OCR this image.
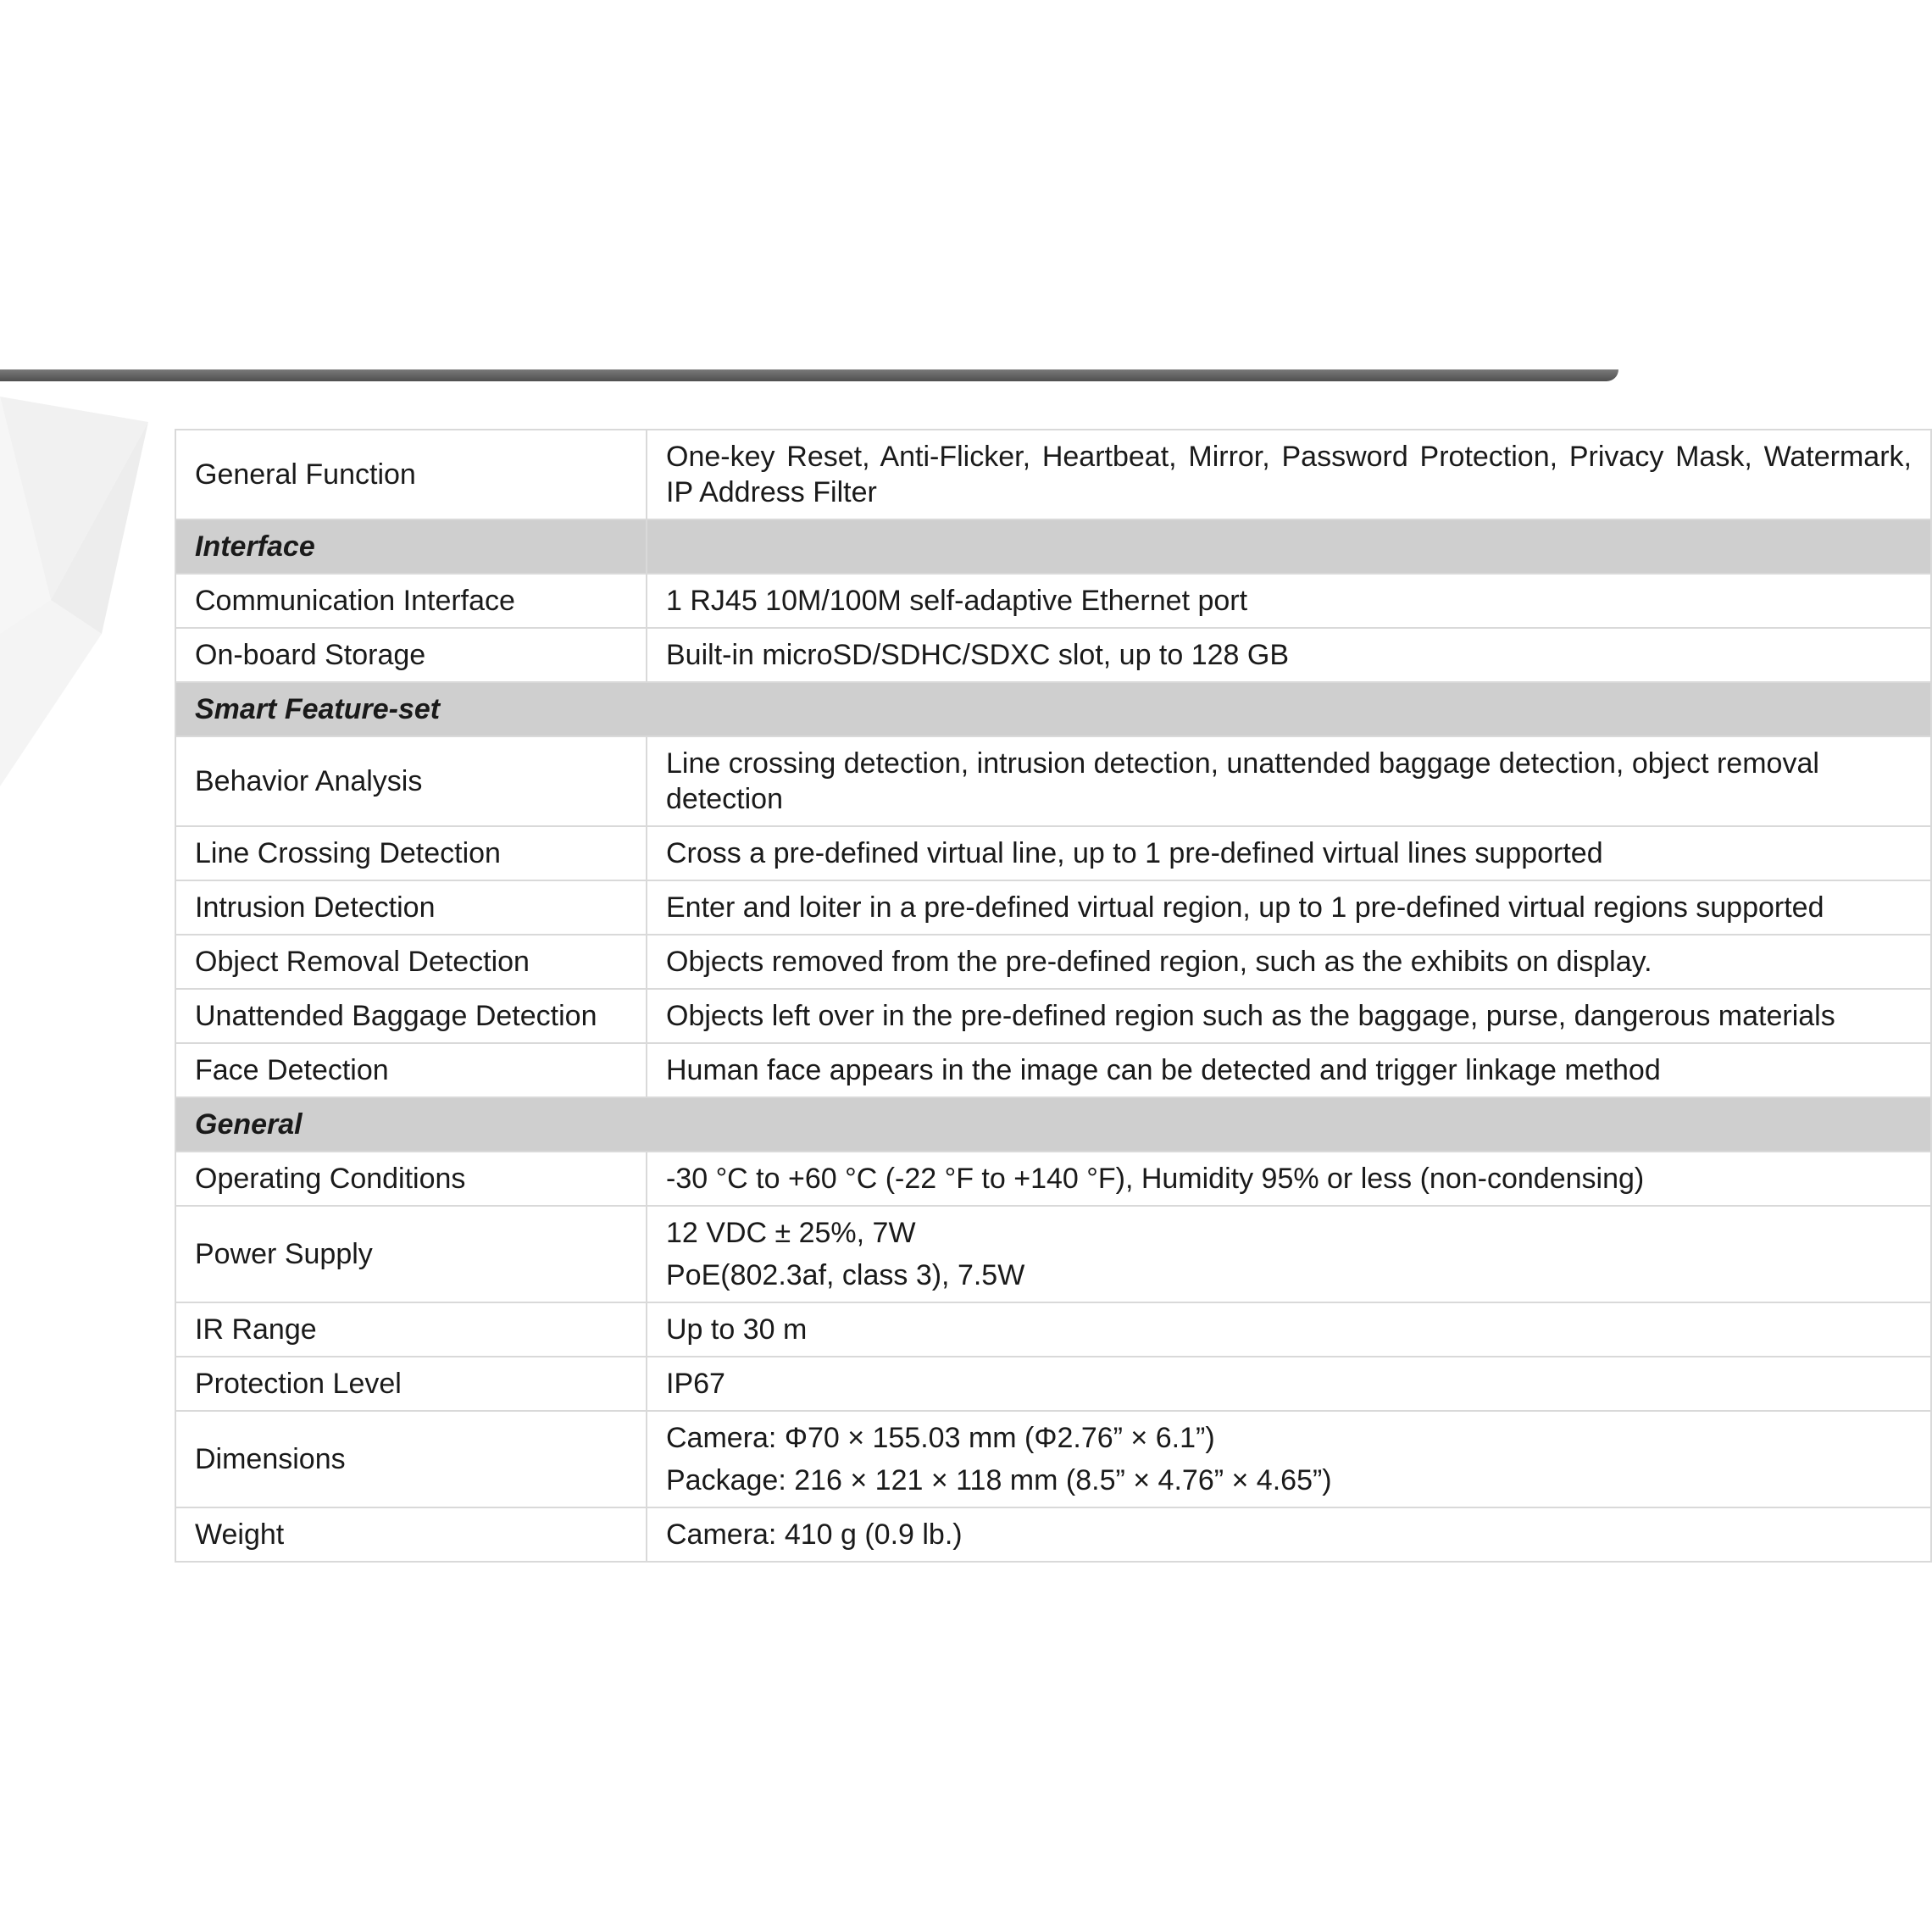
General Function	One-key Reset, Anti-Flicker, Heartbeat, Mirror, Password Protection, Privacy Mask, Watermark, IP Address Filter
Interface	
Communication Interface	1 RJ45 10M/100M self-adaptive Ethernet port
On-board Storage	Built-in microSD/SDHC/SDXC slot, up to 128 GB
Smart Feature-set	
Behavior Analysis	Line crossing detection, intrusion detection, unattended baggage detection, object removal detection
Line Crossing Detection	Cross a pre-defined virtual line, up to 1 pre-defined virtual lines supported
Intrusion Detection	Enter and loiter in a pre-defined virtual region, up to 1 pre-defined virtual regions supported
Object Removal Detection	Objects removed from the pre-defined region, such as the exhibits on display.
Unattended Baggage Detection	Objects left over in the pre-defined region such as the baggage, purse, dangerous materials
Face Detection	Human face appears in the image can be detected and trigger linkage method
General	
Operating Conditions	-30 °C to +60 °C (-22 °F to +140 °F), Humidity 95% or less (non-condensing)
Power Supply	12 VDC ± 25%, 7W
PoE(802.3af, class 3), 7.5W

IR Range	Up to 30 m
Protection Level	IP67
Dimensions	Camera: Φ70 × 155.03 mm (Φ2.76” × 6.1”)
Package: 216 × 121 × 118 mm (8.5” × 4.76” × 4.65”)

Weight	Camera: 410 g (0.9 lb.)
